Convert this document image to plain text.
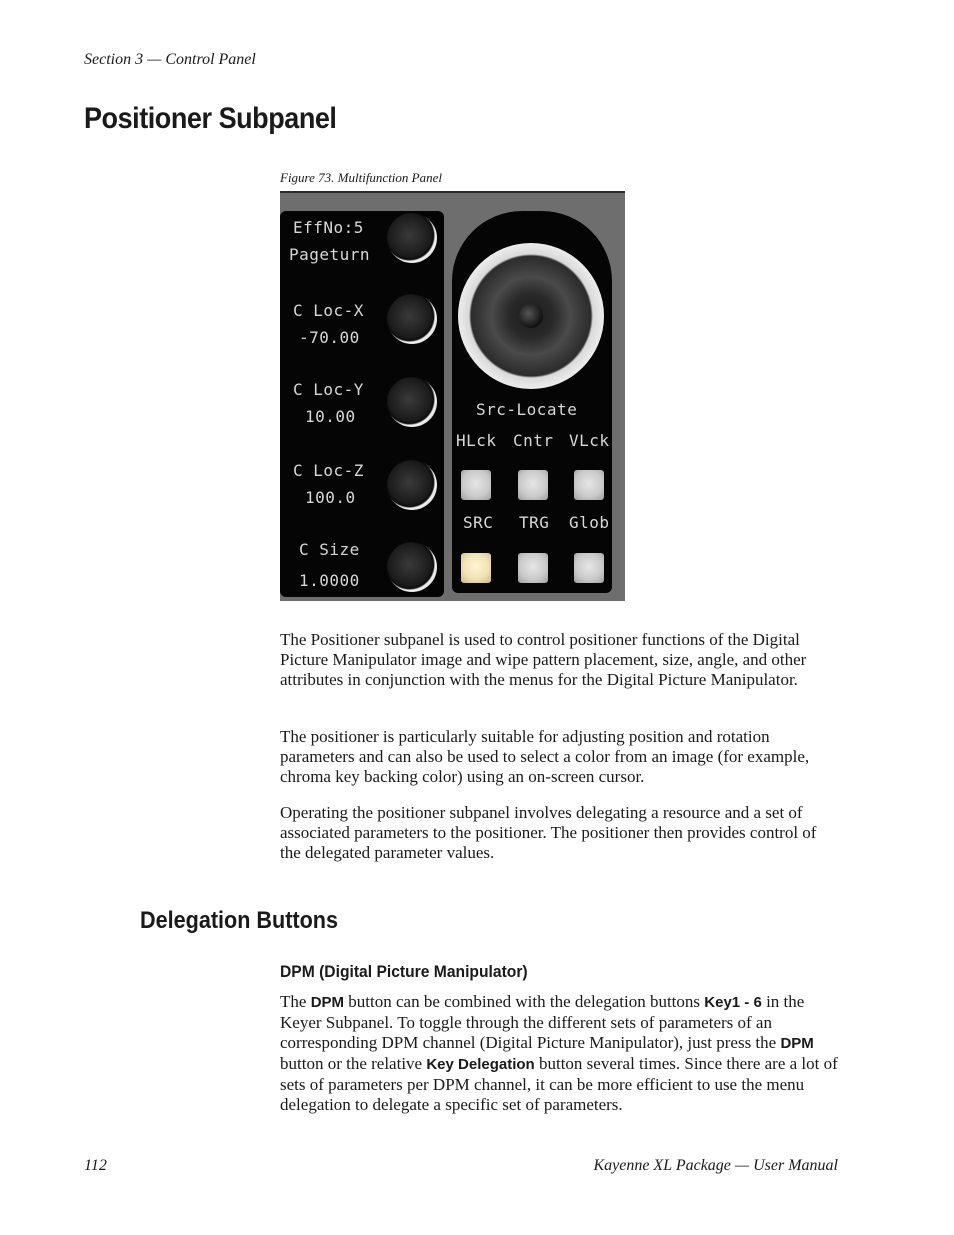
Section 3 — Control Panel
Positioner Subpanel
Figure 73. Multifunction Panel
EffNo:5
Pageturn
C Loc-X
-70.00
C Loc-Y
10.00
C Loc-Z
100.0
C Size
1.0000
Src-Locate
HLck Cntr VLck
SRC TRG Glob
The Positioner subpanel is used to control positioner functions of the Digital Picture Manipulator image and wipe pattern placement, size, angle, and other attributes in conjunction with the menus for the Digital Picture Manipulator.
The positioner is particularly suitable for adjusting position and rotation parameters and can also be used to select a color from an image (for example, chroma key backing color) using an on-screen cursor.
Operating the positioner subpanel involves delegating a resource and a set of associated parameters to the positioner. The positioner then provides control of the delegated parameter values.
Delegation Buttons
DPM (Digital Picture Manipulator)
The DPM button can be combined with the delegation buttons Key1 - 6 in the Keyer Subpanel. To toggle through the different sets of parameters of an corresponding DPM channel (Digital Picture Manipulator), just press the DPM button or the relative Key Delegation button several times. Since there are a lot of sets of parameters per DPM channel, it can be more efficient to use the menu delegation to delegate a specific set of parameters.
112	Kayenne XL Package — User Manual
